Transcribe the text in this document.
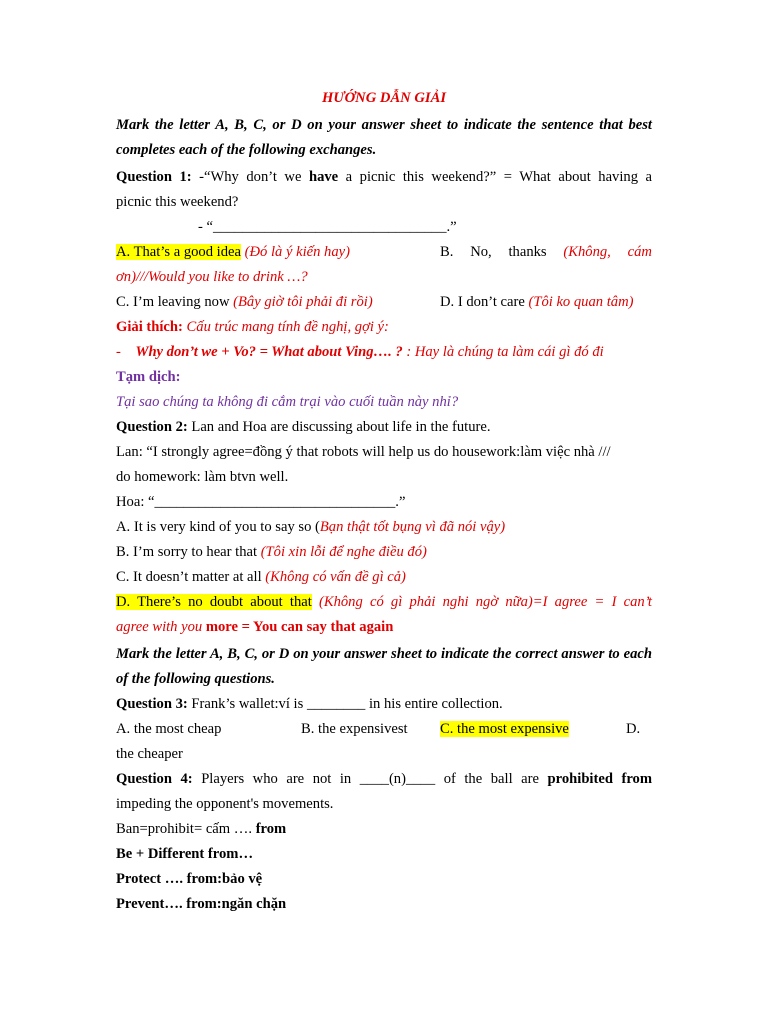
HƯỚNG DẪN GIẢI

Mark the letter A, B, C, or D on your answer sheet to indicate the sentence that best completes each of the following exchanges.

Question 1: -“Why don’t we have a picnic this weekend?” = What about having a

picnic this weekend?

- “________________________________.”

A. That’s a good idea (Đó là ý kiến hay)	B. No, thanks (Không, cám

ơn)///Would you like to drink …?

C. I’m leaving now (Bây giờ tôi phải đi rồi)	D. I don’t care (Tôi ko quan tâm)

Giải thích: Cấu trúc mang tính đề nghị, gợi ý:

- Why don’t we + Vo? = What about Ving…. ? : Hay là chúng ta làm cái gì đó đi

Tạm dịch:

Tại sao chúng ta không đi cắm trại vào cuối tuần này nhỉ?

Question 2: Lan and Hoa are discussing about life in the future.

Lan: “I strongly agree=đồng ý that robots will help us do housework:làm việc nhà ///

do homework: làm btvn well.

Hoa: “_________________________________.”

A. It is very kind of you to say so (Bạn thật tốt bụng vì đã nói vậy)

B. I’m sorry to hear that (Tôi xin lỗi để nghe điều đó)

C. It doesn’t matter at all (Không có vấn đề gì cả)

D. There’s no doubt about that (Không có gì phải nghi ngờ nữa)=I agree = I can’t

agree with you more = You can say that again

Mark the letter A, B, C, or D on your answer sheet to indicate the correct answer to each of the following questions.

Question 3: Frank’s wallet:ví is ________ in his entire collection.

A. the most cheap	B. the expensivest	C. the most expensive	D.

the cheaper

Question 4: Players who are not in ____(n)____ of the ball are prohibited from

impeding the opponent's movements.

Ban=prohibit= cấm …. from

Be + Different from…

Protect …. from:bảo vệ

Prevent…. from:ngăn chặn
